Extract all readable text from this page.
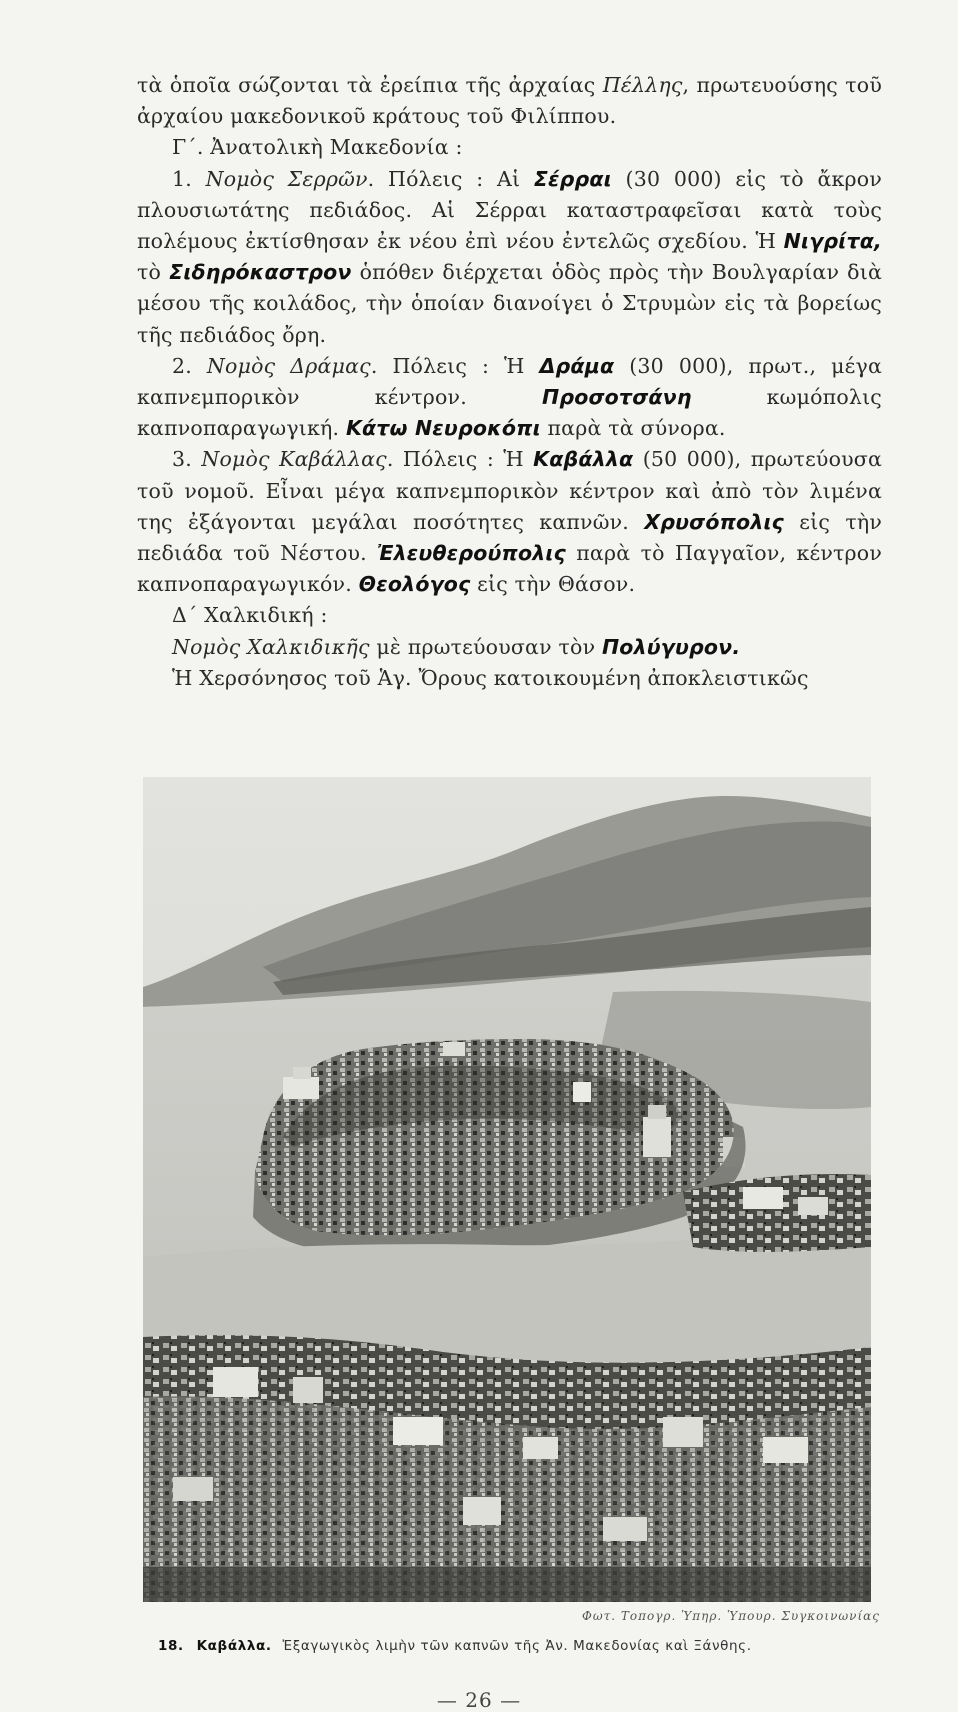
τὰ ὁποῖα σώζονται τὰ ἐρείπια τῆς ἀρχαίας Πέλλης, πρωτευούσης τοῦ ἀρχαίου μακεδονικοῦ κράτους τοῦ Φιλίππου.

Γ΄. Ἀνατολικὴ Μακεδονία :

1. Νομὸς Σερρῶν. Πόλεις : Αἱ Σέρραι (30 000) εἰς τὸ ἄκρον πλουσιωτάτης πεδιάδος. Αἱ Σέρραι καταστραφεῖσαι κατὰ τοὺς πολέμους ἐκτίσθησαν ἐκ νέου ἐπὶ νέου ἐντελῶς σχεδίου. Ἡ Νιγρίτα, τὸ Σιδηρόκαστρον ὁπόθεν διέρχεται ὁδὸς πρὸς τὴν Βουλγαρίαν διὰ μέσου τῆς κοιλάδος, τὴν ὁποίαν διανοίγει ὁ Στρυμὼν εἰς τὰ βορείως τῆς πεδιάδος ὄρη.

2. Νομὸς Δράμας. Πόλεις : Ἡ Δράμα (30 000), πρωτ., μέγα καπνεμπορικὸν κέντρον. Προσοτσάνη κωμόπολις καπνοπαραγωγική. Κάτω Νευροκόπι παρὰ τὰ σύνορα.

3. Νομὸς Καβάλλας. Πόλεις : Ἡ Καβάλλα (50 000), πρωτεύουσα τοῦ νομοῦ. Εἶναι μέγα καπνεμπορικὸν κέντρον καὶ ἀπὸ τὸν λιμένα της ἐξάγονται μεγάλαι ποσότητες καπνῶν. Χρυσόπολις εἰς τὴν πεδιάδα τοῦ Νέστου. Ἐλευθερούπολις παρὰ τὸ Παγγαῖον, κέντρον καπνοπαραγωγικόν. Θεολόγος εἰς τὴν Θάσον.

Δ΄ Χαλκιδική :

Νομὸς Χαλκιδικῆς μὲ πρωτεύουσαν τὸν Πολύγυρον.

Ἡ Χερσόνησος τοῦ Ἁγ. Ὄρους κατοικουμένη ἀποκλειστικῶς

Φωτ. Τοπογρ. Ὑπηρ. Ὑπουρ. Συγκοινωνίας
18. Καβάλλα. Ἐξαγωγικὸς λιμὴν τῶν καπνῶν τῆς Ἀν. Μακεδονίας καὶ Ξάνθης.
— 26 —
